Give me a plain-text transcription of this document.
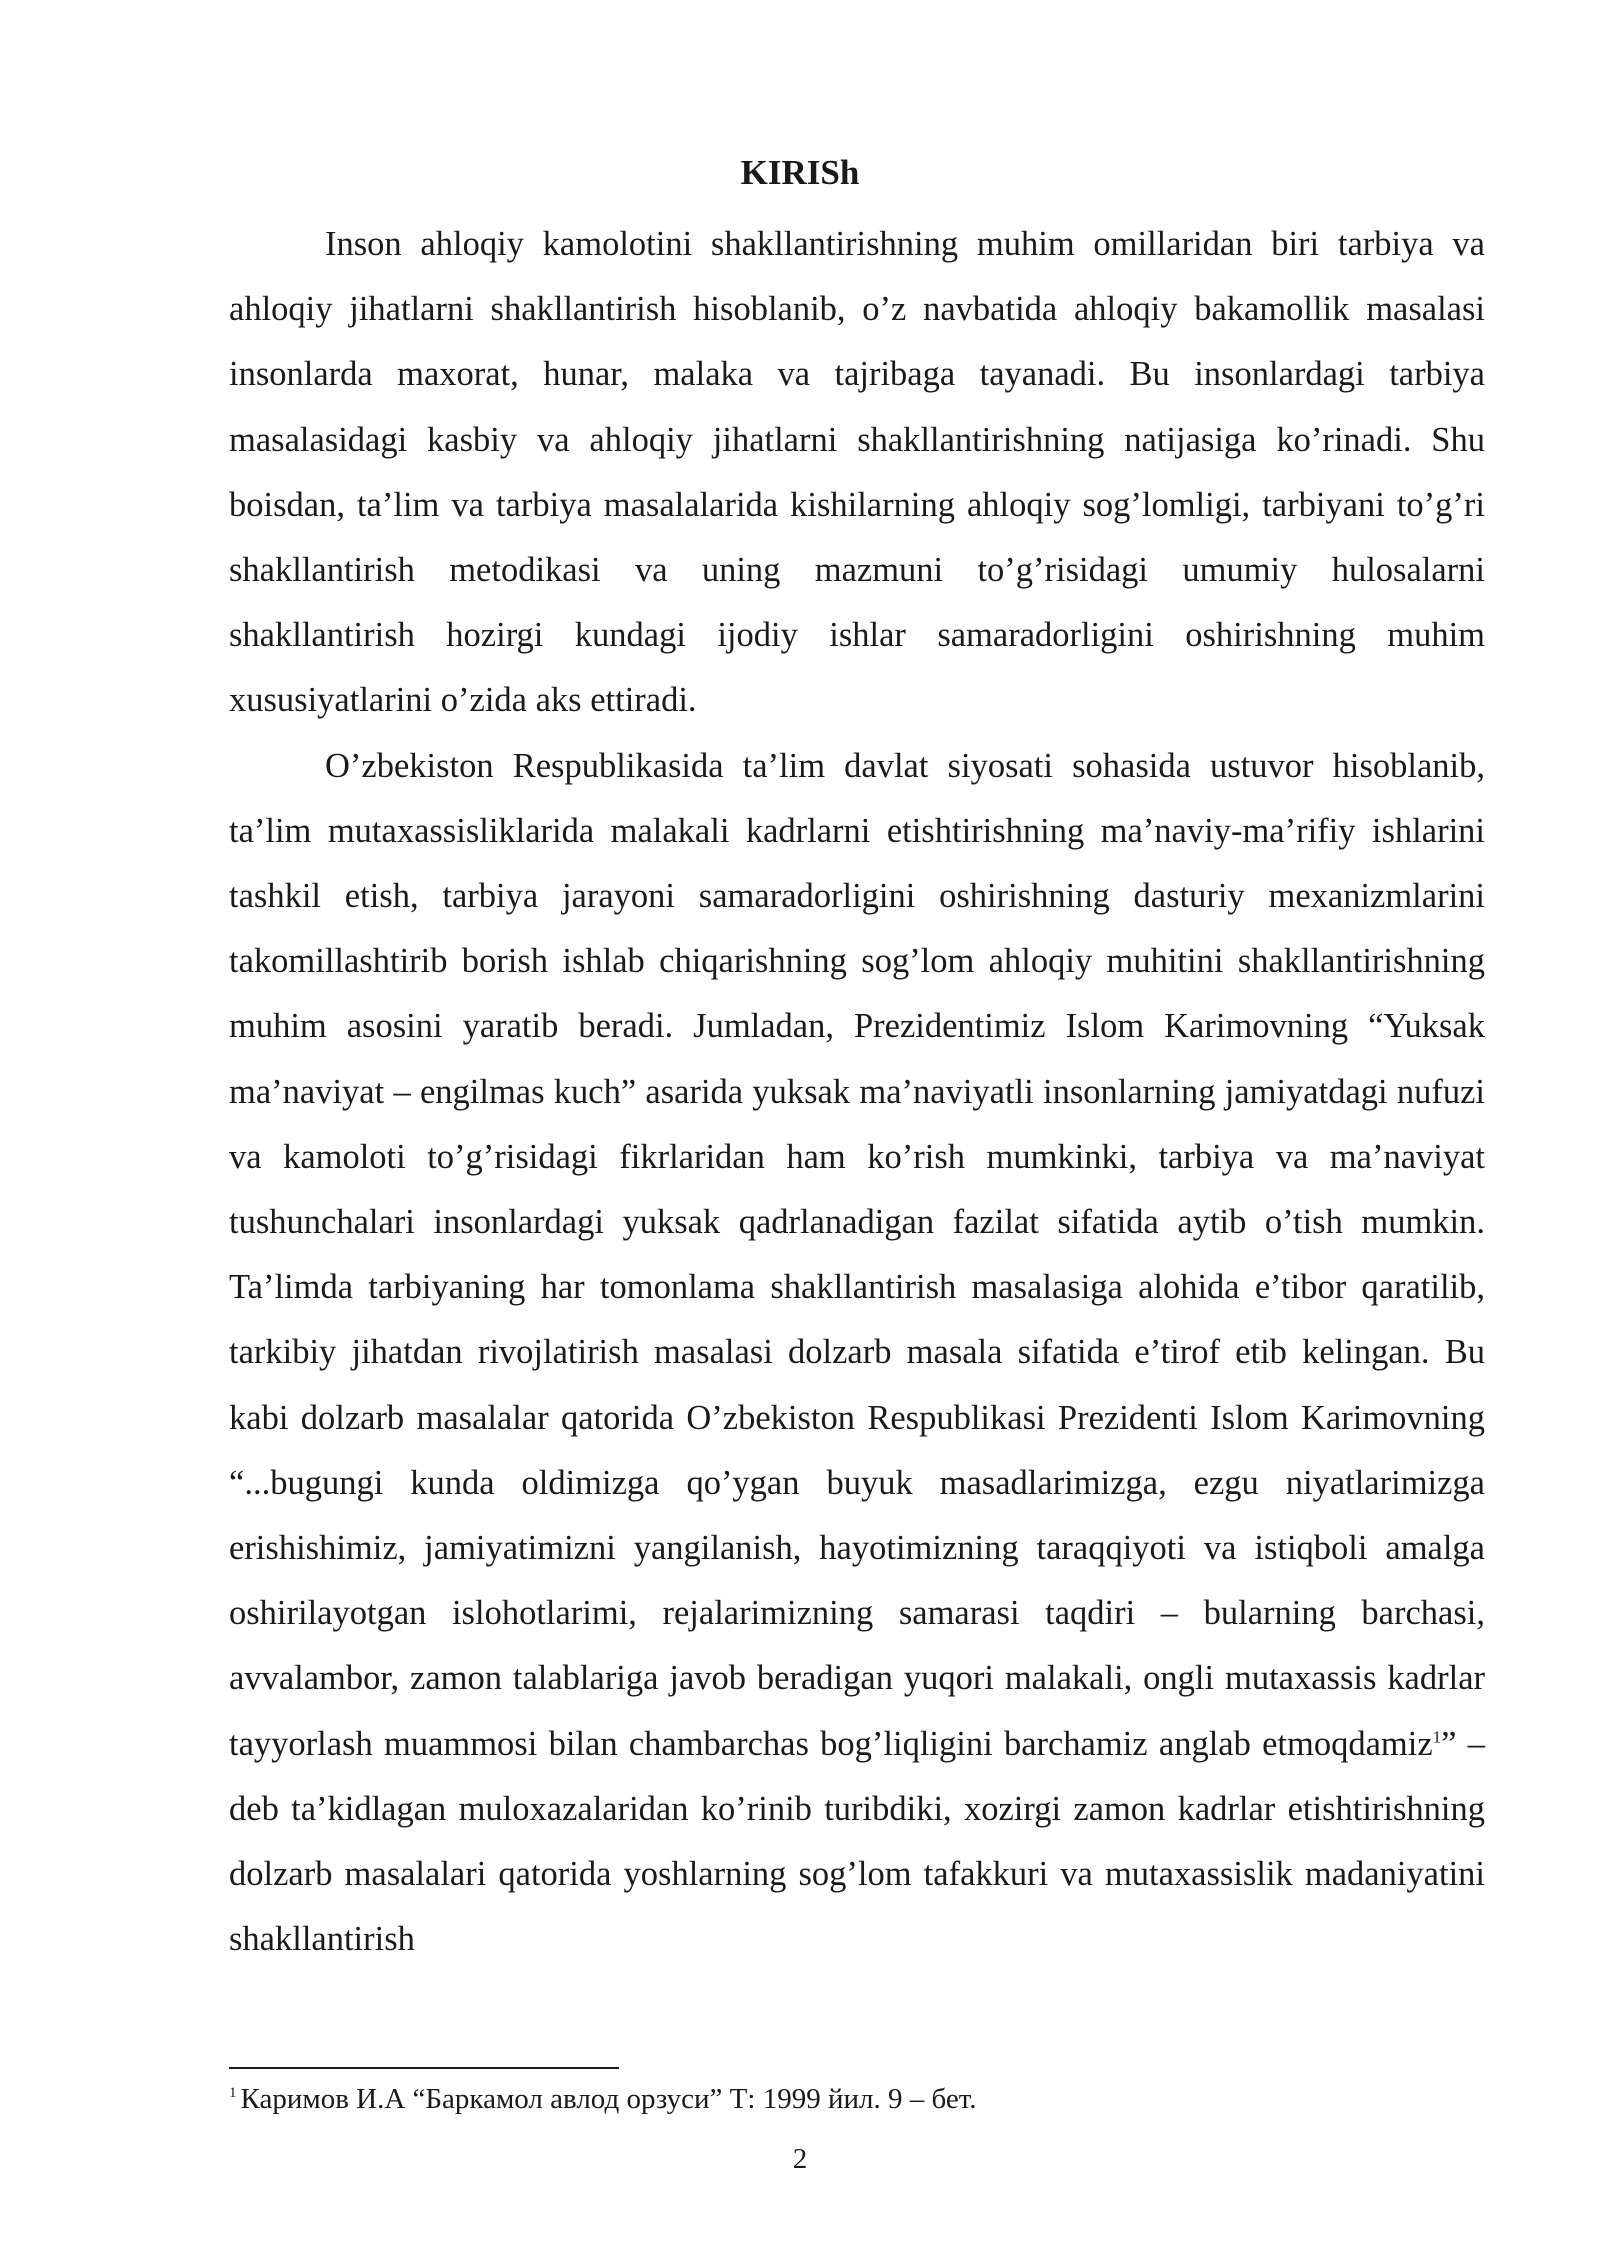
KIRISh

Inson ahloqiy kamolotini shakllantirishning muhim omillaridan biri tarbiya va ahloqiy jihatlarni shakllantirish hisoblanib, o’z navbatida ahloqiy bakamollik masalasi insonlarda maxorat, hunar, malaka va tajribaga tayanadi. Bu insonlardagi tarbiya masalasidagi kasbiy va ahloqiy jihatlarni shakllantirishning natijasiga ko’rinadi. Shu boisdan, ta’lim va tarbiya masalalarida kishilarning ahloqiy sog’lomligi, tarbiyani to’g’ri shakllantirish metodikasi va uning mazmuni to’g’risidagi umumiy hulosalarni shakllantirish hozirgi kundagi ijodiy ishlar samaradorligini oshirishning muhim xususiyatlarini o’zida aks ettiradi.

O’zbekiston Respublikasida ta’lim davlat siyosati sohasida ustuvor hisoblanib, ta’lim mutaxassisliklarida malakali kadrlarni etishtirishning ma’naviy-ma’rifiy ishlarini tashkil etish, tarbiya jarayoni samaradorligini oshirishning dasturiy mexanizmlarini takomillashtirib borish ishlab chiqarishning sog’lom ahloqiy muhitini shakllantirishning muhim asosini yaratib beradi. Jumladan, Prezidentimiz Islom Karimovning “Yuksak ma’naviyat – engilmas kuch” asarida yuksak ma’naviyatli insonlarning jamiyatdagi nufuzi va kamoloti to’g’risidagi fikrlaridan ham ko’rish mumkinki, tarbiya va ma’naviyat tushunchalari insonlardagi yuksak qadrlanadigan fazilat sifatida aytib o’tish mumkin. Ta’limda tarbiyaning har tomonlama shakllantirish masalasiga alohida e’tibor qaratilib, tarkibiy jihatdan rivojlatirish masalasi dolzarb masala sifatida e’tirof etib kelingan. Bu kabi dolzarb masalalar qatorida O’zbekiston Respublikasi Prezidenti Islom Karimovning “...bugungi kunda oldimizga qo’ygan buyuk masadlarimizga, ezgu niyatlarimizga erishishimiz, jamiyatimizni yangilanish, hayotimizning taraqqiyoti va istiqboli amalga oshirilayotgan islohotlarimi, rejalarimizning samarasi taqdiri – bularning barchasi, avvalambor, zamon talablariga javob beradigan yuqori malakali, ongli mutaxassis kadrlar tayyorlash muammosi bilan chambarchas bog’liqligini barchamiz anglab etmoqdamiz$^1$” – deb ta’kidlagan muloxazalaridan ko’rinib turibdiki, xozirgi zamon kadrlar etishtirishning dolzarb masalalari qatorida yoshlarning sog’lom tafakkuri va mutaxassislik madaniyatini shakllantirish

$^1$ Каримов И.А “Баркамол авлод орзуси” Т: 1999 йил. 9 – бет.

2
